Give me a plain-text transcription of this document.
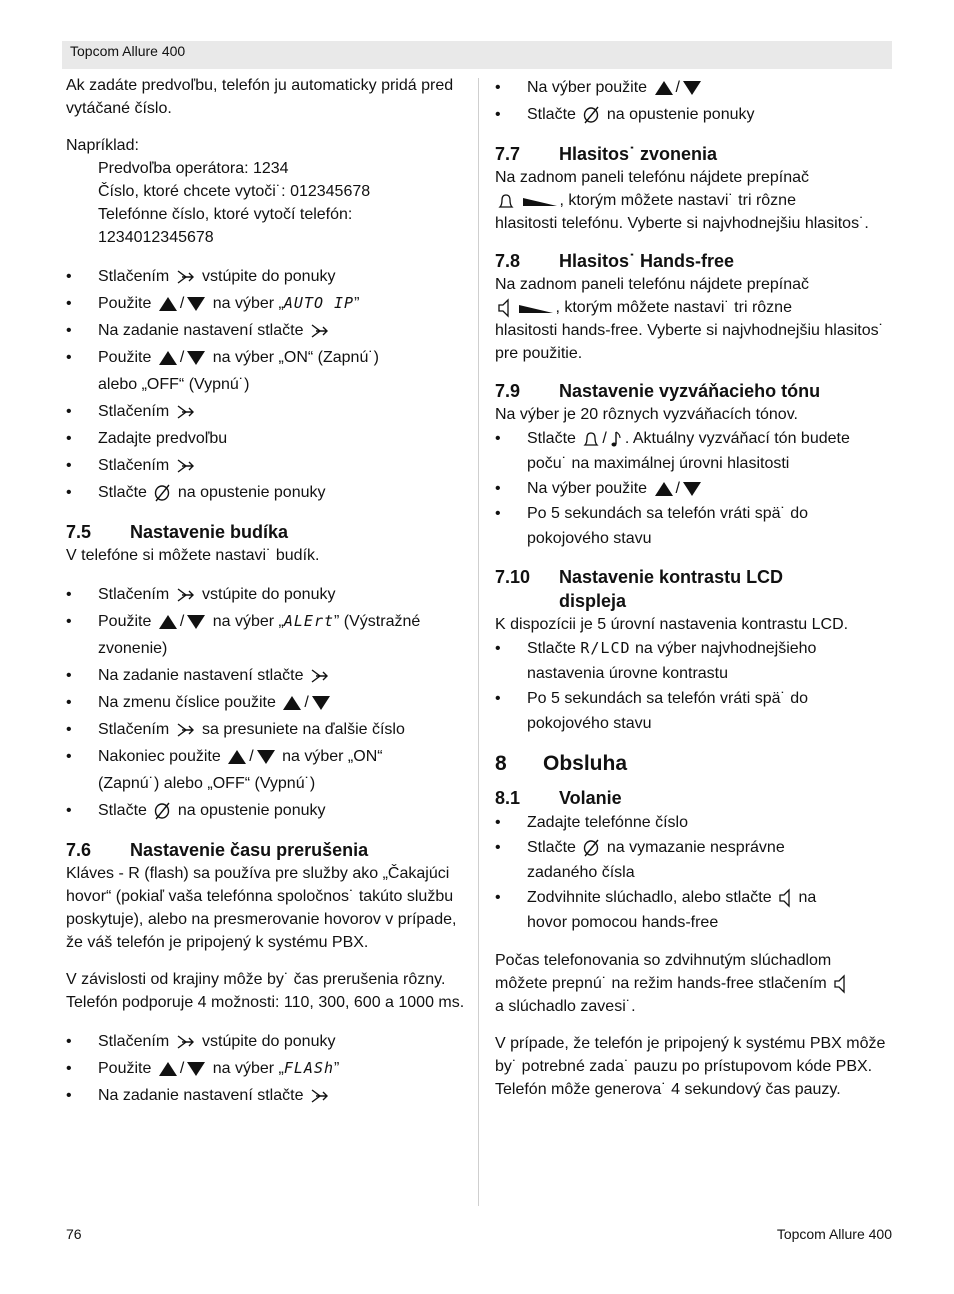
Topcom Allure 400

Ak zadáte predvoľbu, telefón ju automaticky pridá pred vytáčané číslo.

Napríklad:

Predvoľba operátora: 1234

Číslo, ktoré chcete vytoči˙: 012345678

Telefónne číslo, ktoré vytočí telefón:

1234012345678

• Stlačením vstúpite do ponuky
• Použite / na výber „AUTO IP”
• Na zadanie nastavení stlačte
• Použite / na výber „ON“ (Zapnú˙)
alebo „OFF“ (Vypnú˙)
• Stlačením
• Zadajte predvoľbu
• Stlačením
• Stlačte na opustenie ponuky
7.5	Nastavenie budíka

V telefóne si môžete nastavi˙ budík.

• Stlačením vstúpite do ponuky
• Použite / na výber „ALErt” (Výstražné
zvonenie)
• Na zadanie nastavení stlačte
• Na zmenu číslice použite /
• Stlačením sa presuniete na ďalšie číslo
• Nakoniec použite / na výber „ON“
(Zapnú˙) alebo „OFF“ (Vypnú˙)
• Stlačte na opustenie ponuky
7.6	Nastavenie času prerušenia

Kláves - R (flash) sa používa pre služby ako „Čakajúci hovor“ (pokiaľ vaša telefónna spoločnos˙ takúto službu poskytuje), alebo na presmerovanie hovorov v prípade, že váš telefón je pripojený k systému PBX.

V závislosti od krajiny môže by˙ čas prerušenia rôzny.

Telefón podporuje 4 možnosti: 110, 300, 600 a 1000 ms.

• Stlačením vstúpite do ponuky
• Použite / na výber „FLASh”
• Na zadanie nastavení stlačte
• Na výber použite /
• Stlačte na opustenie ponuky
7.7	Hlasitos˙ zvonenia

Na zadnom paneli telefónu nájdete prepínač

, ktorým môžete nastavi˙ tri rôzne

hlasitosti telefónu. Vyberte si najvhodnejšiu hlasitos˙.

7.8	Hlasitos˙ Hands-free

Na zadnom paneli telefónu nájdete prepínač

, ktorým môžete nastavi˙ tri rôzne

hlasitosti hands-free. Vyberte si najvhodnejšiu hlasitos˙ pre použitie.

7.9	Nastavenie vyzváňacieho tónu

Na výber je 20 rôznych vyzváňacích tónov.

• Stlačte / . Aktuálny vyzváňací tón budete
poču˙ na maximálnej úrovni hlasitosti
• Na výber použite /
• Po 5 sekundách sa telefón vráti spä˙ do
pokojového stavu
7.10	Nastavenie kontrastu LCD
displeja

K dispozícii je 5 úrovní nastavenia kontrastu LCD.

• Stlačte R/LCD na výber najvhodnejšieho
nastavenia úrovne kontrastu
• Po 5 sekundách sa telefón vráti spä˙ do
pokojového stavu
8	Obsluha
8.1	Volanie
• Zadajte telefónne číslo
• Stlačte na vymazanie nesprávne
zadaného čísla
• Zodvihnite slúchadlo, alebo stlačte na
hovor pomocou hands-free

Počas telefonovania so zdvihnutým slúchadlom

môžete prepnú˙ na režim hands-free stlačením

a slúchadlo zavesi˙.

V prípade, že telefón je pripojený k systému PBX môže by˙ potrebné zada˙ pauzu po prístupovom kóde PBX. Telefón môže generova˙ 4 sekundový čas pauzy.

76	Topcom Allure 400
